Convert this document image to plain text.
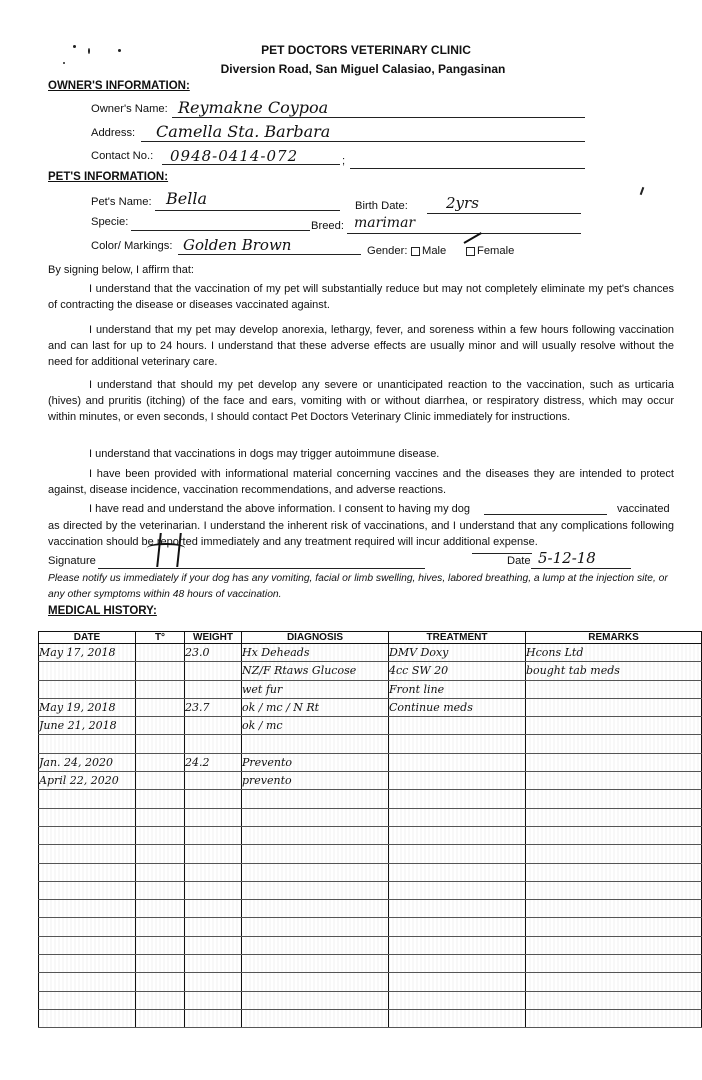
PET DOCTORS VETERINARY CLINIC
Diversion Road, San Miguel Calasiao, Pangasinan
OWNER'S INFORMATION:
Owner's Name: Reymakne Coypoa
Address: Camella Sta. Barbara
Contact No.: 0948-0414-072	;
PET'S INFORMATION:
Pet's Name: Bella	Birth Date:	2yrs
Specie:	Breed: marimar
Color/ Markings: Golden Brown	Gender:	Male	Female
By signing below, I affirm that:
I understand that the vaccination of my pet will substantially reduce but may not completely eliminate my pet's chances of contracting the disease or diseases vaccinated against.
I understand that my pet may develop anorexia, lethargy, fever, and soreness within a few hours following vaccination and can last for up to 24 hours. I understand that these adverse effects are usually minor and will usually resolve without the need for additional veterinary care.
I understand that should my pet develop any severe or unanticipated reaction to the vaccination, such as urticaria (hives) and pruritis (itching) of the face and ears, vomiting with or without diarrhea, or respiratory distress, which may occur within minutes, or even seconds, I should contact Pet Doctors Veterinary Clinic immediately for instructions.
I understand that vaccinations in dogs may trigger autoimmune disease.
I have been provided with informational material concerning vaccines and the diseases they are intended to protect against, disease incidence, vaccination recommendations, and adverse reactions.
I have read and understand the above information. I consent to having my dog	vaccinated
as directed by the veterinarian. I understand the inherent risk of vaccinations, and I understand that any complications following vaccination should be reported immediately and any treatment required will incur additional expense.
Signature	Date 5-12-18
Please notify us immediately if your dog has any vomiting, facial or limb swelling, hives, labored breathing, a lump at the injection site, or any other symptoms within 48 hours of vaccination.
MEDICAL HISTORY:
DATE	T°	WEIGHT	DIAGNOSIS	TREATMENT	REMARKS

May 17, 2018		23.0	Hx Deheads	DMV Doxy	Hcons Ltd

			NZ/F Rtaws Glucose	4cc SW 20	bought tab meds

			wet fur	Front line	

May 19, 2018		23.7	ok / mc / N Rt	Continue meds	

June 21, 2018			ok / mc		

Jan. 24, 2020		24.2	Prevento		

April 22, 2020			prevento		
